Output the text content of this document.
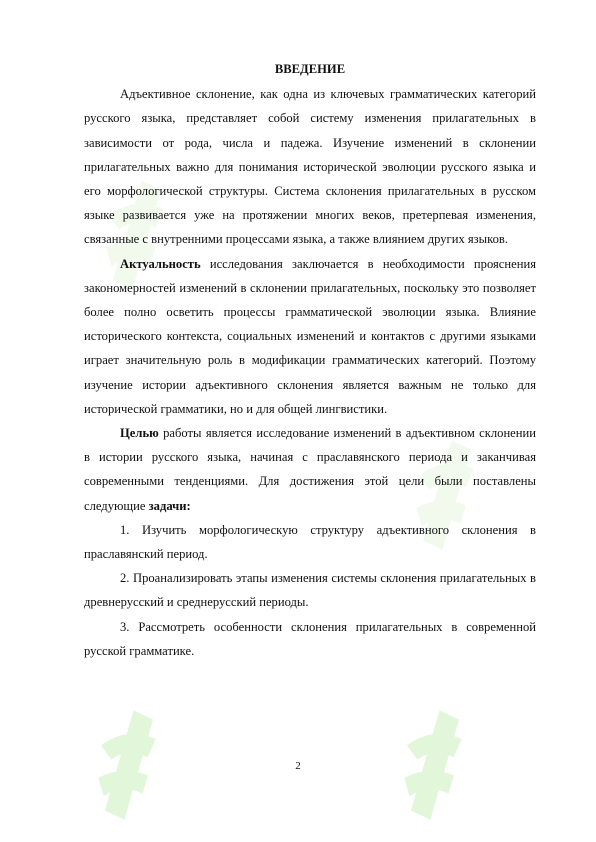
ВВЕДЕНИЕ

Адъективное склонение, как одна из ключевых грамматических категорий русского языка, представляет собой систему изменения прилагательных в зависимости от рода, числа и падежа. Изучение изменений в склонении прилагательных важно для понимания исторической эволюции русского языка и его морфологической структуры. Система склонения прилагательных в русском языке развивается уже на протяжении многих веков, претерпевая изменения, связанные с внутренними процессами языка, а также влиянием других языков.

Актуальность исследования заключается в необходимости прояснения закономерностей изменений в склонении прилагательных, поскольку это позволяет более полно осветить процессы грамматической эволюции языка. Влияние исторического контекста, социальных изменений и контактов с другими языками играет значительную роль в модификации грамматических категорий. Поэтому изучение истории адъективного склонения является важным не только для исторической грамматики, но и для общей лингвистики.

Целью работы является исследование изменений в адъективном склонении в истории русского языка, начиная с праславянского периода и заканчивая современными тенденциями. Для достижения этой цели были поставлены следующие задачи:

1. Изучить морфологическую структуру адъективного склонения в праславянский период.

2. Проанализировать этапы изменения системы склонения прилагательных в древнерусский и среднерусский периоды.

3. Рассмотреть особенности склонения прилагательных в современной русской грамматике.

2
